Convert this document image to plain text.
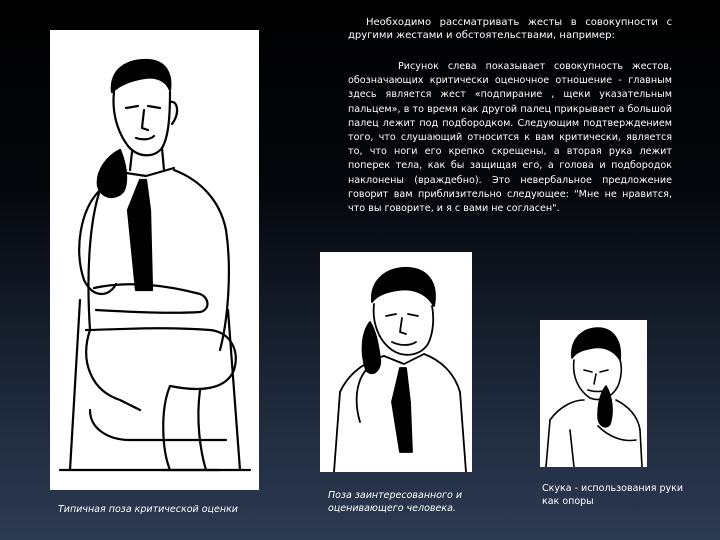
Необходимо рассматривать жесты в совокупности с другими жестами и обстоятельствами, например:

Рисунок слева показывает совокупность жестов, обозначающих критически оценочное отношение - главным здесь является жест «подпирание , щеки указательным пальцем», в то время как другой палец прикрывает а большой палец лежит под подбородком. Следующим подтверждением того, что слушающий относится к вам критически, является то, что ноги его крепко скрещены, а вторая рука лежит поперек тела, как бы защищая его, а голова и подбородок наклонены (враждебно). Это невербальное предложение говорит вам приблизительно следующее: "Мне не нравится, что вы говорите, и я с вами не согласен".

Типичная поза критической оценки

Поза заинтересованного и оценивающего человека.

Скука - использования руки как опоры
